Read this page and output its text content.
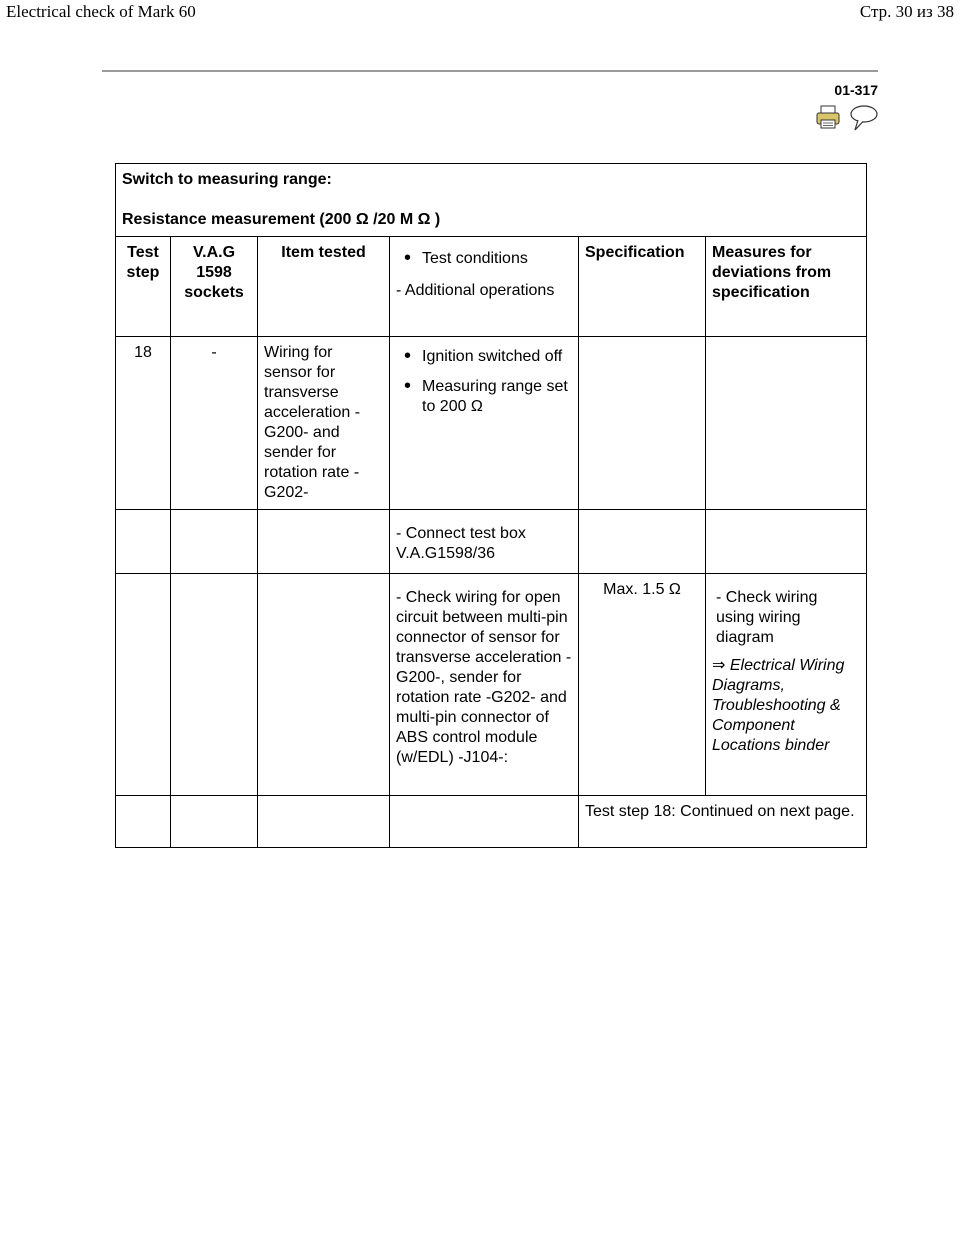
Electrical check of Mark 60	Стр. 30 из 38
01-317
Switch to measuring range:
Resistance measurement (200 Ω /20 M Ω )					
Test step	V.A.G 1598 sockets	Item tested	• Test conditions
- Additional operations	Specification	Measures for deviations from specification
18	-	Wiring for sensor for transverse acceleration -G200- and sender for rotation rate -G202-	• Ignition switched off
• Measuring range set to 200 Ω

			- Connect test box V.A.G1598/36		
			- Check wiring for open circuit between multi-pin connector of sensor for transverse acceleration -G200-, sender for rotation rate -G202- and multi-pin connector of ABS control module (w/EDL) -J104-:	Max. 1.5 Ω	- Check wiring using wiring diagram
⇒ Electrical Wiring Diagrams, Troubleshooting & Component Locations binder

				Test step 18: Continued on next page.	
